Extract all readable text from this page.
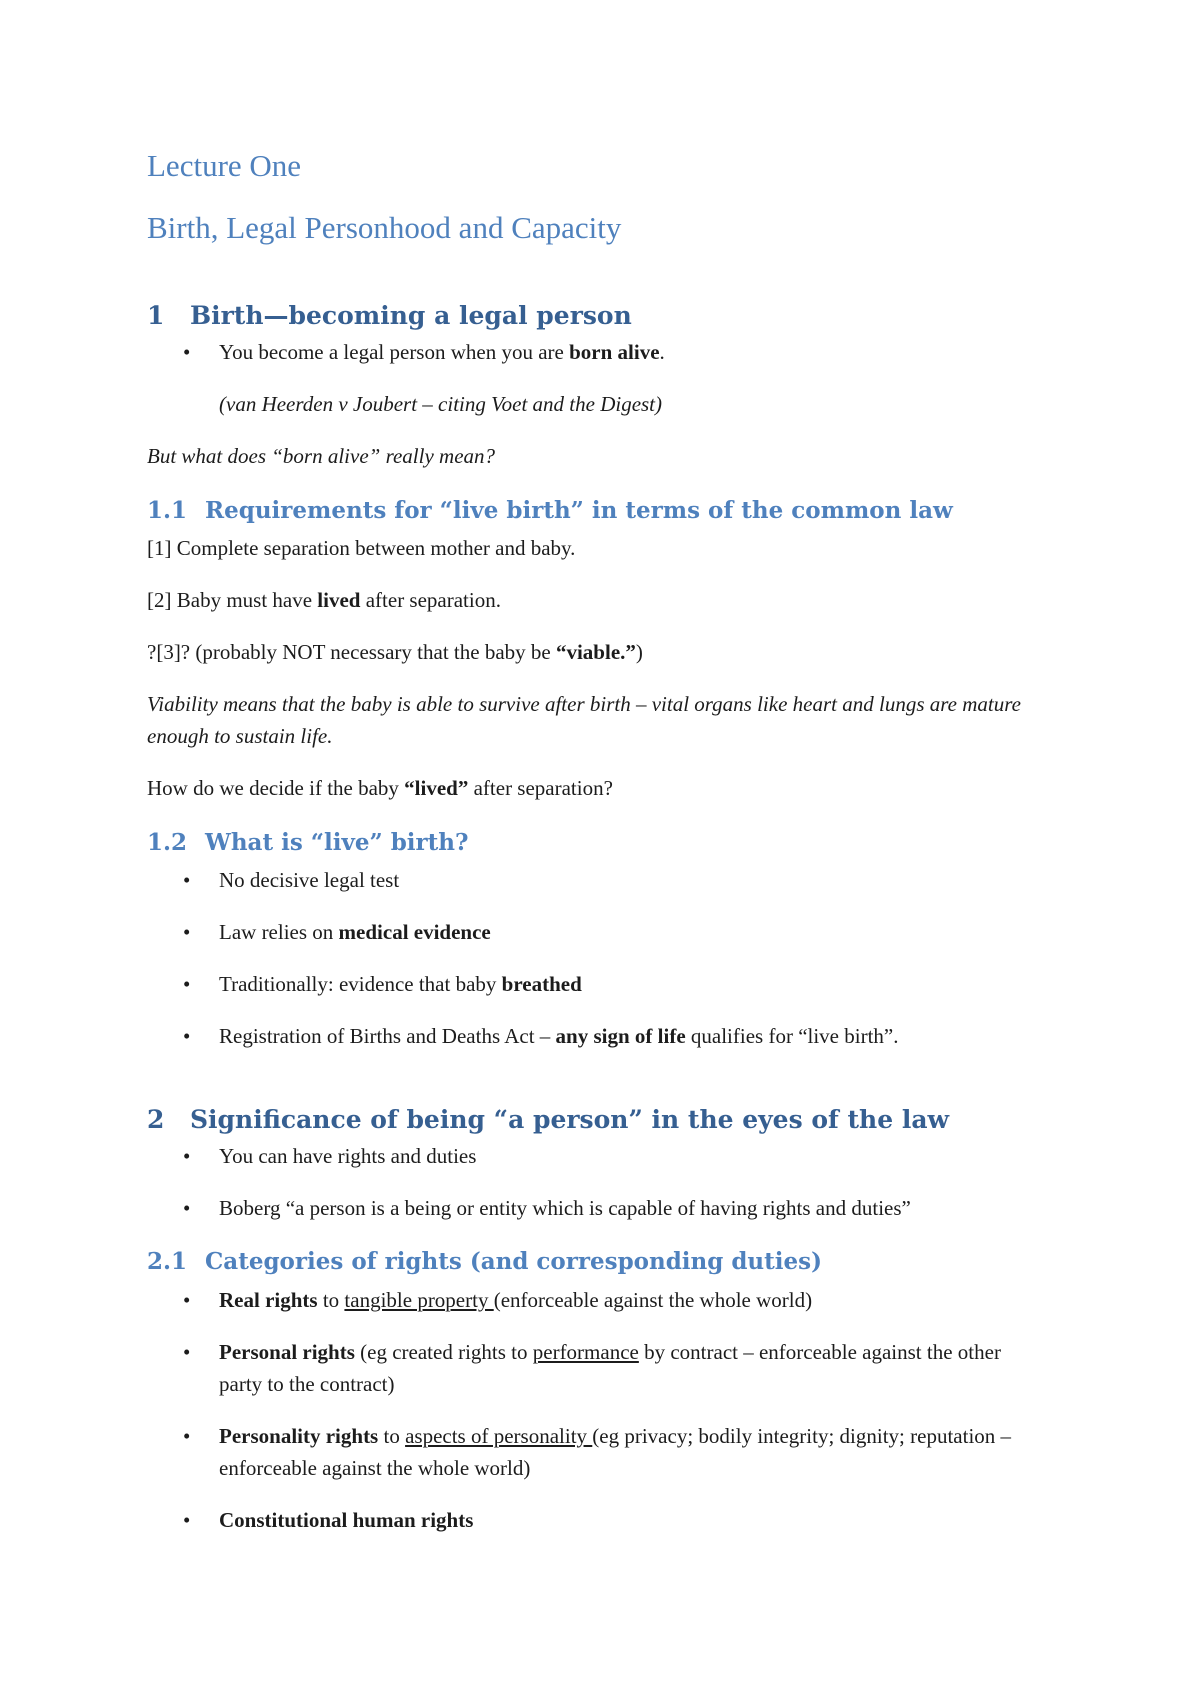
Lecture One
Birth, Legal Personhood and Capacity
1 Birth—becoming a legal person
• You become a legal person when you are born alive.

(van Heerden v Joubert – citing Voet and the Digest)

But what does “born alive” really mean?

1.1 Requirements for “live birth” in terms of the common law

[1] Complete separation between mother and baby.

[2] Baby must have lived after separation.

?[3]? (probably NOT necessary that the baby be “viable.”)

Viability means that the baby is able to survive after birth – vital organs like heart and lungs are mature enough to sustain life.

How do we decide if the baby “lived” after separation?

1.2 What is “live” birth?
• No decisive legal test
• Law relies on medical evidence
• Traditionally: evidence that baby breathed
• Registration of Births and Deaths Act – any sign of life qualifies for “live birth”.
2 Significance of being “a person” in the eyes of the law
• You can have rights and duties
• Boberg “a person is a being or entity which is capable of having rights and duties”
2.1 Categories of rights (and corresponding duties)
• Real rights to tangible property (enforceable against the whole world)
• Personal rights (eg created rights to performance by contract – enforceable against the other party to the contract)
• Personality rights to aspects of personality (eg privacy; bodily integrity; dignity; reputation – enforceable against the whole world)
• Constitutional human rights
